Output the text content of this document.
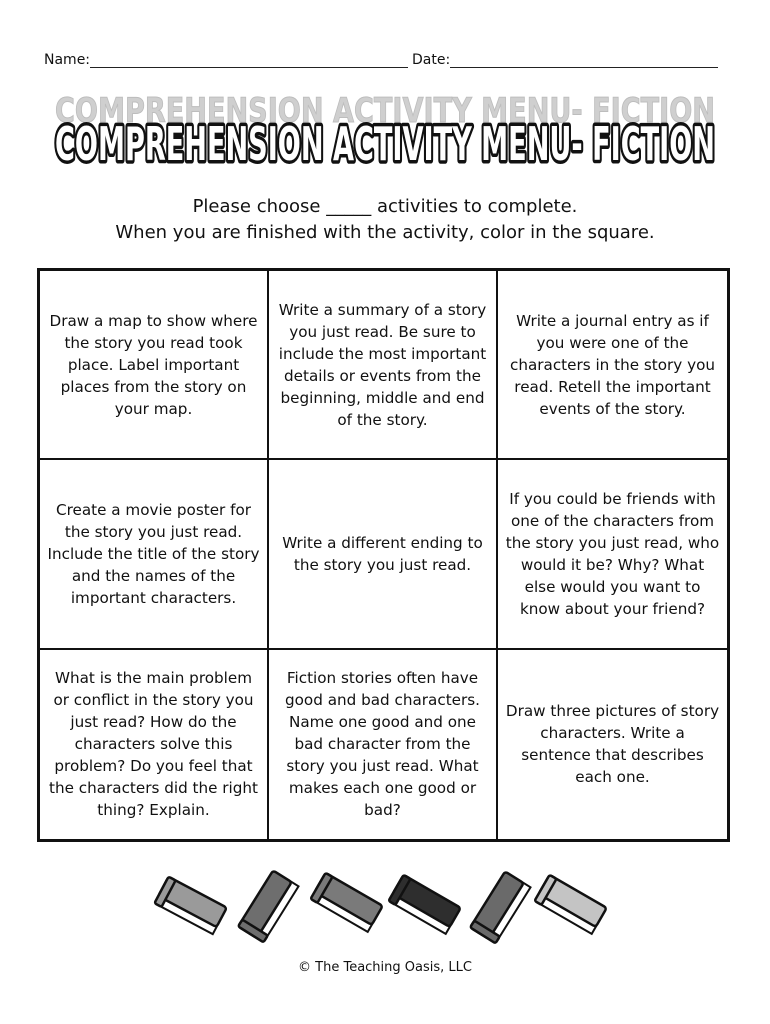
Name:	Date:
COMPREHENSION ACTIVITY MENU- FICTION
COMPREHENSION ACTIVITY MENU- FICTION
Please choose _____ activities to complete.
When you are finished with the activity, color in the square.
Draw a map to show where the story you read took place. Label important places from the story on your map.
Write a summary of a story you just read. Be sure to include the most important details or events from the beginning, middle and end of the story.
Write a journal entry as if you were one of the characters in the story you read. Retell the important events of the story.
Create a movie poster for the story you just read. Include the title of the story and the names of the important characters.
Write a different ending to the story you just read.
If you could be friends with one of the characters from the story you just read, who would it be? Why? What else would you want to know about your friend?
What is the main problem or conflict in the story you just read? How do the characters solve this problem? Do you feel that the characters did the right thing? Explain.
Fiction stories often have good and bad characters. Name one good and one bad character from the story you just read. What makes each one good or bad?
Draw three pictures of story characters. Write a sentence that describes each one.
© The Teaching Oasis, LLC
